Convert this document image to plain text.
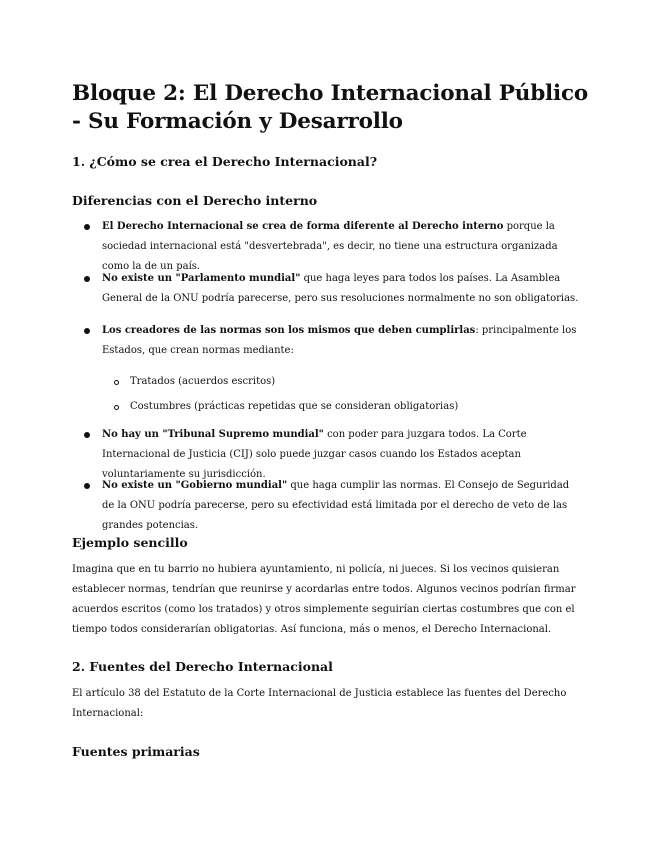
Bloque 2: El Derecho Internacional Público - Su Formación y Desarrollo

1. ¿Cómo se crea el Derecho Internacional?

Diferencias con el Derecho interno

El Derecho Internacional se crea de forma diferente al Derecho interno porque la sociedad internacional está "desvertebrada", es decir, no tiene una estructura organizada como la de un país.

No existe un "Parlamento mundial" que haga leyes para todos los países. La Asamblea General de la ONU podría parecerse, pero sus resoluciones normalmente no son obligatorias.

Los creadores de las normas son los mismos que deben cumplirlas: principalmente los Estados, que crean normas mediante:

Tratados (acuerdos escritos)

Costumbres (prácticas repetidas que se consideran obligatorias)

No hay un "Tribunal Supremo mundial" con poder para juzgara todos. La Corte Internacional de Justicia (CIJ) solo puede juzgar casos cuando los Estados aceptan voluntariamente su jurisdicción.

No existe un "Gobierno mundial" que haga cumplir las normas. El Consejo de Seguridad de la ONU podría parecerse, pero su efectividad está limitada por el derecho de veto de las grandes potencias.

Ejemplo sencillo

Imagina que en tu barrio no hubiera ayuntamiento, ni policía, ni jueces. Si los vecinos quisieran establecer normas, tendrían que reunirse y acordarlas entre todos. Algunos vecinos podrían firmar acuerdos escritos (como los tratados) y otros simplemente seguirían ciertas costumbres que con el tiempo todos considerarían obligatorias. Así funciona, más o menos, el Derecho Internacional.

2. Fuentes del Derecho Internacional

El artículo 38 del Estatuto de la Corte Internacional de Justicia establece las fuentes del Derecho Internacional:

Fuentes primarias
